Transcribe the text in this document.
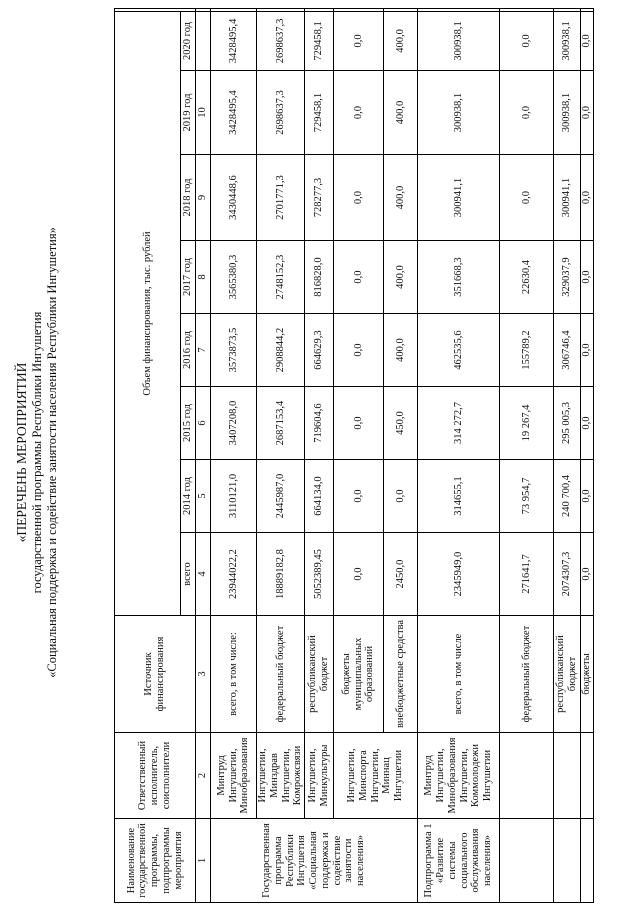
«ПЕРЕЧЕНЬ МЕРОПРИЯТИЙ государственной программы Республики Ингушетия «Социальная поддержка и содействие занятости населения Республики Ингушетия»
Наименование государственной программы, подпрограммы мероприятия	Ответственный исполнитель, соисполнители	Источник финансирования	Объем финансирования, тыс. рублей								
			всего	2014 год	2015 год	2016 год	2017 год	2018 год	2019 год	2020 год	
1	2	3	4	5	6	7	8	9	10		
Государственная программа Республики Ингушетия «Социальная поддержка и содействие занятости населения»	Минтруд Ингушетии, Минобразования	всего, в том числе:	23944022,2	3110121,0	3407208,0	3573873,5	3565380,3	3430448,6	3428495,4	3428495,4	
	Ингушетии, Минздрав Ингушетии, Комрожсвязи	федеральный бюджет	18889182,8	2445987,0	2687153,4	2908844,2	2748152,3	2701771,3	2698637,3	2698637,3	
	Ингушетии, Минкультуры	республиканский бюджет	5052389,45	664134,0	719604,6	664629,3	816828,0	728277,3	729458,1	729458,1	
	Ингушетии, Минспорта Ингушетии, Миннац Ингушетии	бюджеты муниципальных образований	0,0	0,0	0,0	0,0	0,0	0,0	0,0	0,0	
		внебюджетные средства	2450,0	0,0	450,0	400,0	400,0	400,0	400,0	400,0	
Подпрограмма 1 «Развитие системы социального обслуживания населения»	Минтруд Ингушетии, Минобразования Ингушетии, Коммолодежи Ингушетии	всего, в том числе	2345949,0	314655,1	314 272,7	462535,6	351668,3	300941,1	300938,1	300938,1	
		федеральный бюджет	271641,7	73 954,7	19 267,4	155789,2	22630,4	0,0	0,0	0,0	
		республиканский бюджет	2074307,3	240 700,4	295 005,3	306746,4	329037,9	300941,1	300938,1	300938,1	
		бюджеты	0,0	0,0	0,0	0,0	0,0	0,0	0,0	0,0	
